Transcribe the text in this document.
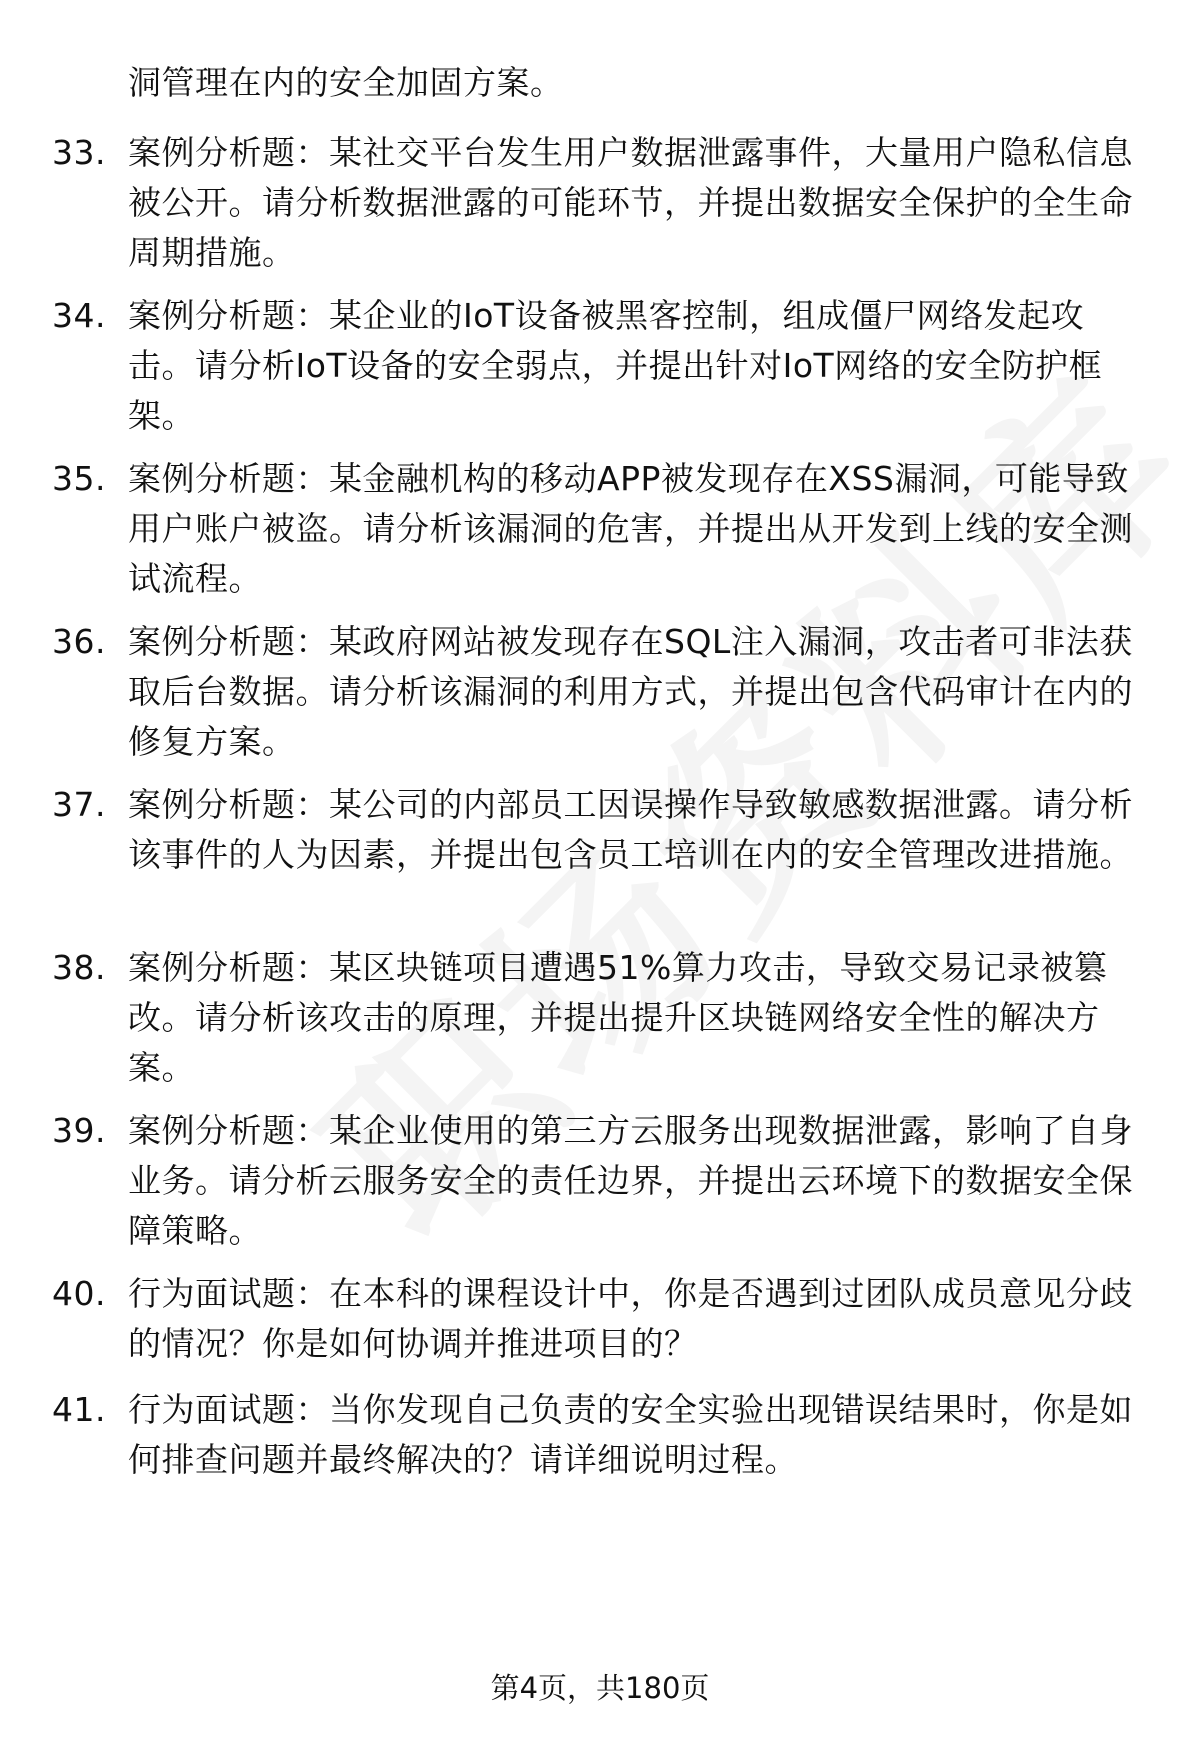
洞管理在内的安全加固方案。
33. 案例分析题：某社交平台发生用户数据泄露事件，大量用户隐私信息被公开。请分析数据泄露的可能环节，并提出数据安全保护的全生命周期措施。
34. 案例分析题：某企业的IoT设备被黑客控制，组成僵尸网络发起攻击。请分析IoT设备的安全弱点，并提出针对IoT网络的安全防护框架。
35. 案例分析题：某金融机构的移动APP被发现存在XSS漏洞，可能导致用户账户被盗。请分析该漏洞的危害，并提出从开发到上线的安全测试流程。
36. 案例分析题：某政府网站被发现存在SQL注入漏洞，攻击者可非法获取后台数据。请分析该漏洞的利用方式，并提出包含代码审计在内的修复方案。
37. 案例分析题：某公司的内部员工因误操作导致敏感数据泄露。请分析该事件的人为因素，并提出包含员工培训在内的安全管理改进措施。
38. 案例分析题：某区块链项目遭遇51%算力攻击，导致交易记录被篡改。请分析该攻击的原理，并提出提升区块链网络安全性的解决方案。
39. 案例分析题：某企业使用的第三方云服务出现数据泄露，影响了自身业务。请分析云服务安全的责任边界，并提出云环境下的数据安全保障策略。
40. 行为面试题：在本科的课程设计中，你是否遇到过团队成员意见分歧的情况？你是如何协调并推进项目的？
41. 行为面试题：当你发现自己负责的安全实验出现错误结果时，你是如何排查问题并最终解决的？请详细说明过程。
第4页，共180页
